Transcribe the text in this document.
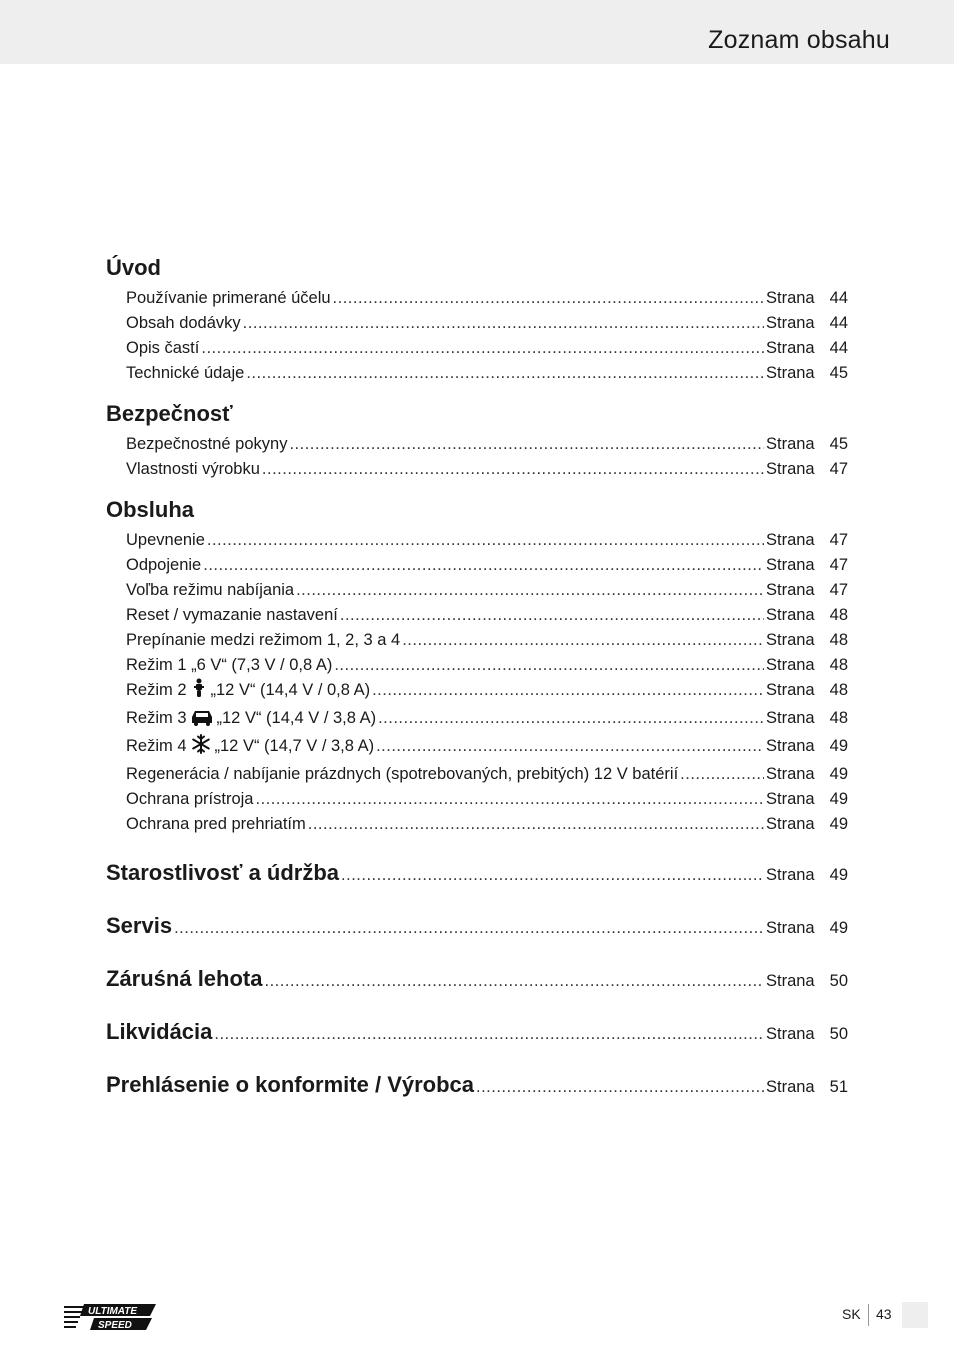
Zoznam obsahu
Úvod
Používanie primerané účelu .....	Strana 44
Obsah dodávky .....	Strana 44
Opis častí .....	Strana 44
Technické údaje .....	Strana 45
Bezpečnosť
Bezpečnostné pokyny .....	Strana 45
Vlastnosti výrobku .....	Strana 47
Obsluha
Upevnenie .....	Strana 47
Odpojenie .....	Strana 47
Voľba režimu nabíjania .....	Strana 47
Reset / vymazanie nastavení .....	Strana 48
Prepínanie medzi režimom 1, 2, 3 a 4 .....	Strana 48
Režim 1 „6 V“ (7,3 V / 0,8 A) .....	Strana 48
Režim 2 „12 V“ (14,4 V / 0,8 A) .....	Strana 48
Režim 3 „12 V“ (14,4 V / 3,8 A) .....	Strana 48
Režim 4 „12 V“ (14,7 V / 3,8 A) .....	Strana 49
Regenerácia / nabíjanie prázdnych (spotrebovaných, prebitých) 12 V batérií .....	Strana 49
Ochrana prístroja .....	Strana 49
Ochrana pred prehriatím .....	Strana 49
Starostlivosť a údržba .....	Strana 49
Servis .....	Strana 49
Záruśná lehota .....	Strana 50
Likvidácia .....	Strana 50
Prehlásenie o konformite / Výrobca .....	Strana 51
ULTIMATE
SPEED
SK 43
